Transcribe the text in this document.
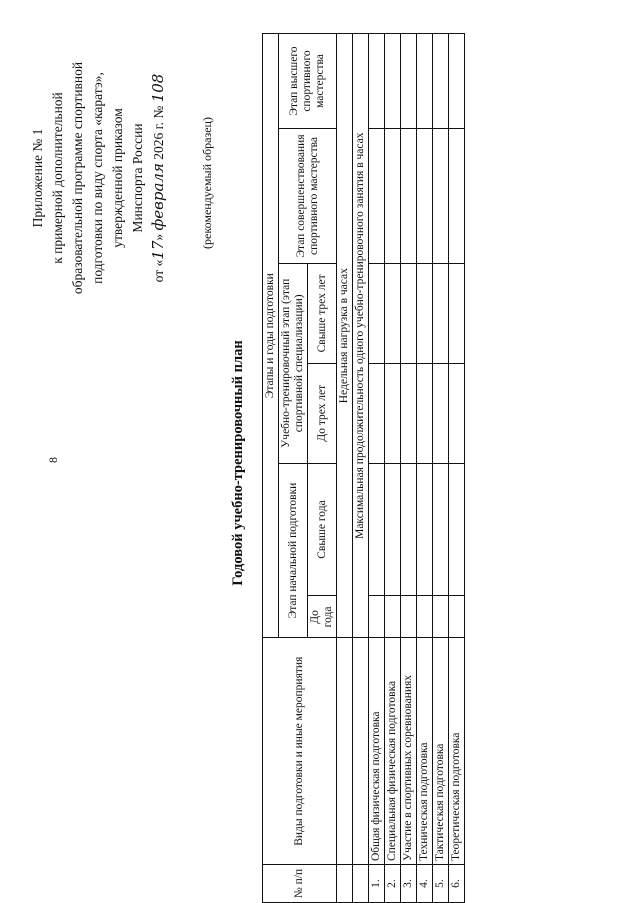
8
Приложение № 1 к примерной дополнительной образовательной программе спортивной подготовки по виду спорта «каратэ», утвержденной приказом Минспорта России
от «17» февраля 2026 г. № 108
(рекомендуемый образец)
Годовой учебно-тренировочный план
№ п/п	Виды подготовки и иные мероприятия	Этапы и годы подготовки					
		Этап начальной подготовки		Учебно-тренировочный этап (этап спортивной специализации)		Этап совершенствования спортивного мастерства	Этап высшего спортивного мастерства
		До года	Свыше года	До трех лет	Свыше трех лет		
		Недельная нагрузка в часах					
		Максимальная продолжительность одного учебно-тренировочного занятия в часах					
1.	Общая физическая подготовка						
2.	Специальная физическая подготовка						
3.	Участие в спортивных соревнованиях						
4.	Техническая подготовка						
5.	Тактическая подготовка						
6.	Теоретическая подготовка						
